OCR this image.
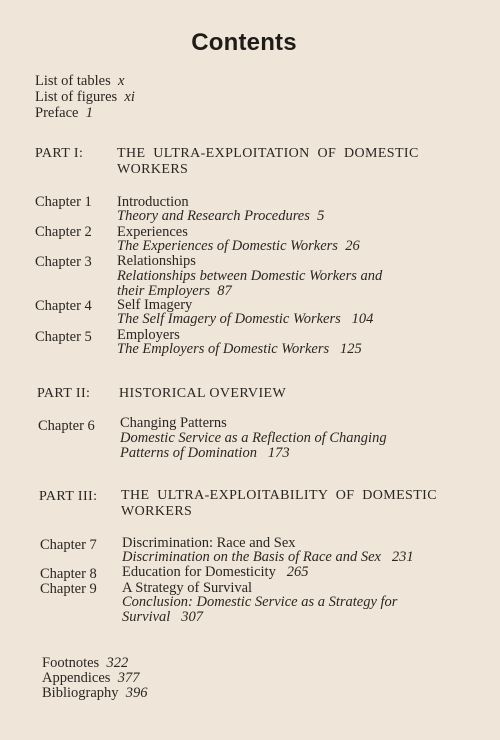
Contents
List of tables x
List of figures xi
Preface 1
PART I: THE  ULTRA-EXPLOITATION  OF  DOMESTIC
WORKERS
Chapter 1 Introduction
Theory and Research Procedures 5
Chapter 2 Experiences
The Experiences of Domestic Workers 26
Chapter 3 Relationships
Relationships between Domestic Workers and
their Employers 87
Chapter 4 Self Imagery
The Self Imagery of Domestic Workers 104
Chapter 5 Employers
The Employers of Domestic Workers 125
PART II: HISTORICAL OVERVIEW
Chapter 6 Changing Patterns
Domestic Service as a Reflection of Changing
Patterns of Domination 173
PART III: THE  ULTRA-EXPLOITABILITY  OF  DOMESTIC
WORKERS
Chapter 7 Discrimination: Race and Sex
Discrimination on the Basis of Race and Sex 231
Chapter 8 Education for Domesticity 265
Chapter 9 A Strategy of Survival
Conclusion: Domestic Service as a Strategy for
Survival 307
Footnotes 322
Appendices 377
Bibliography 396
